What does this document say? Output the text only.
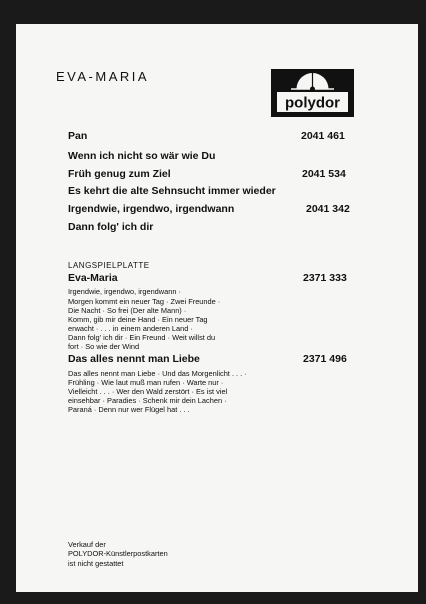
EVA-MARIA
polydor
Pan	2041 461
Wenn ich nicht so wär wie Du
Früh genug zum Ziel	2041 534
Es kehrt die alte Sehnsucht immer wieder
Irgendwie, irgendwo, irgendwann	2041 342
Dann folg' ich dir
LANGSPIELPLATTE
Eva-Maria	2371 333
Irgendwie, irgendwo, irgendwann ·
Morgen kommt ein neuer Tag · Zwei Freunde ·
Die Nacht · So frei (Der alte Mann) ·
Komm, gib mir deine Hand · Ein neuer Tag
erwacht · . . . in einem anderen Land ·
Dann folg' ich dir · Ein Freund · Weit willst du
fort · So wie der Wind
Das alles nennt man Liebe	2371 496
Das alles nennt man Liebe · Und das Morgenlicht . . . ·
Frühling · Wie laut muß man rufen · Warte nur ·
Vielleicht . . . · Wer den Wald zerstört · Es ist viel
einsehbar · Paradies · Schenk mir dein Lachen ·
Paraná · Denn nur wer Flügel hat . . .
Verkauf der
POLYDOR-Künstlerpostkarten
ist nicht gestattet
